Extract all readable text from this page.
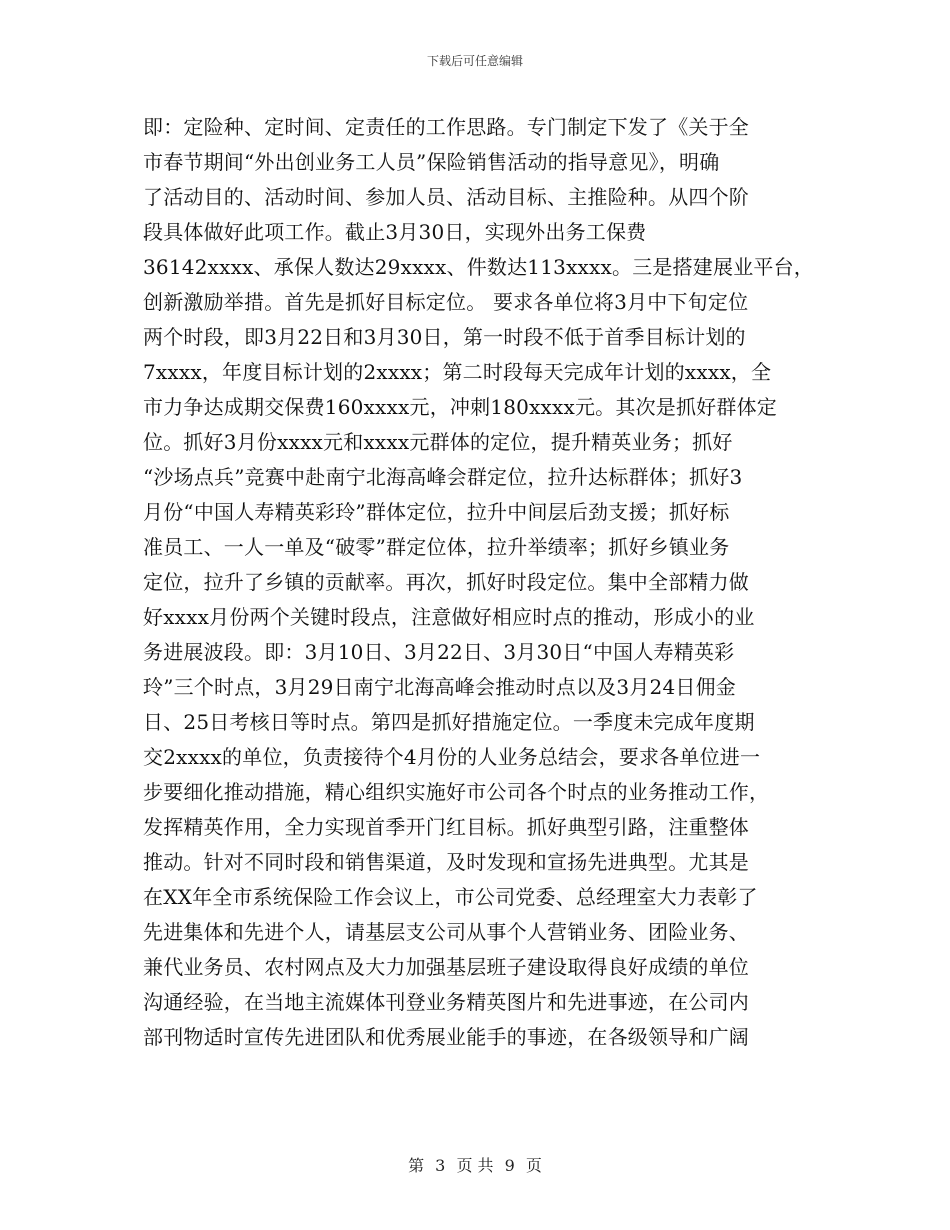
下载后可任意编辑
即：定险种、定时间、定责任的工作思路。专门制定下发了《关于全
市春节期间“外出创业务工人员”保险销售活动的指导意见》，明确
了活动目的、活动时间、参加人员、活动目标、主推险种。从四个阶
段具体做好此项工作。截止3月30日，实现外出务工保费
36142xxxx、承保人数达29xxxx、件数达113xxxx。三是搭建展业平台，
创新激励举措。首先是抓好目标定位。 要求各单位将3月中下旬定位
两个时段，即3月22日和3月30日，第一时段不低于首季目标计划的
7xxxx，年度目标计划的2xxxx；第二时段每天完成年计划的xxxx，全
市力争达成期交保费160xxxx元，冲刺180xxxx元。其次是抓好群体定
位。抓好3月份xxxx元和xxxx元群体的定位，提升精英业务；抓好
“沙场点兵”竞赛中赴南宁北海高峰会群定位，拉升达标群体；抓好3
月份“中国人寿精英彩玲”群体定位，拉升中间层后劲支援；抓好标
准员工、一人一单及“破零”群定位体，拉升举绩率；抓好乡镇业务
定位，拉升了乡镇的贡献率。再次，抓好时段定位。集中全部精力做
好xxxx月份两个关键时段点，注意做好相应时点的推动，形成小的业
务进展波段。即：3月10日、3月22日、3月30日“中国人寿精英彩
玲”三个时点，3月29日南宁北海高峰会推动时点以及3月24日佣金
日、25日考核日等时点。第四是抓好措施定位。一季度未完成年度期
交2xxxx的单位，负责接待个4月份的人业务总结会，要求各单位进一
步要细化推动措施，精心组织实施好市公司各个时点的业务推动工作，
发挥精英作用，全力实现首季开门红目标。抓好典型引路，注重整体
推动。针对不同时段和销售渠道，及时发现和宣扬先进典型。尤其是
在XX年全市系统保险工作会议上，市公司党委、总经理室大力表彰了
先进集体和先进个人，请基层支公司从事个人营销业务、团险业务、
兼代业务员、农村网点及大力加强基层班子建设取得良好成绩的单位
沟通经验，在当地主流媒体刊登业务精英图片和先进事迹，在公司内
部刊物适时宣传先进团队和优秀展业能手的事迹，在各级领导和广阔
第 3 页 共 9 页
